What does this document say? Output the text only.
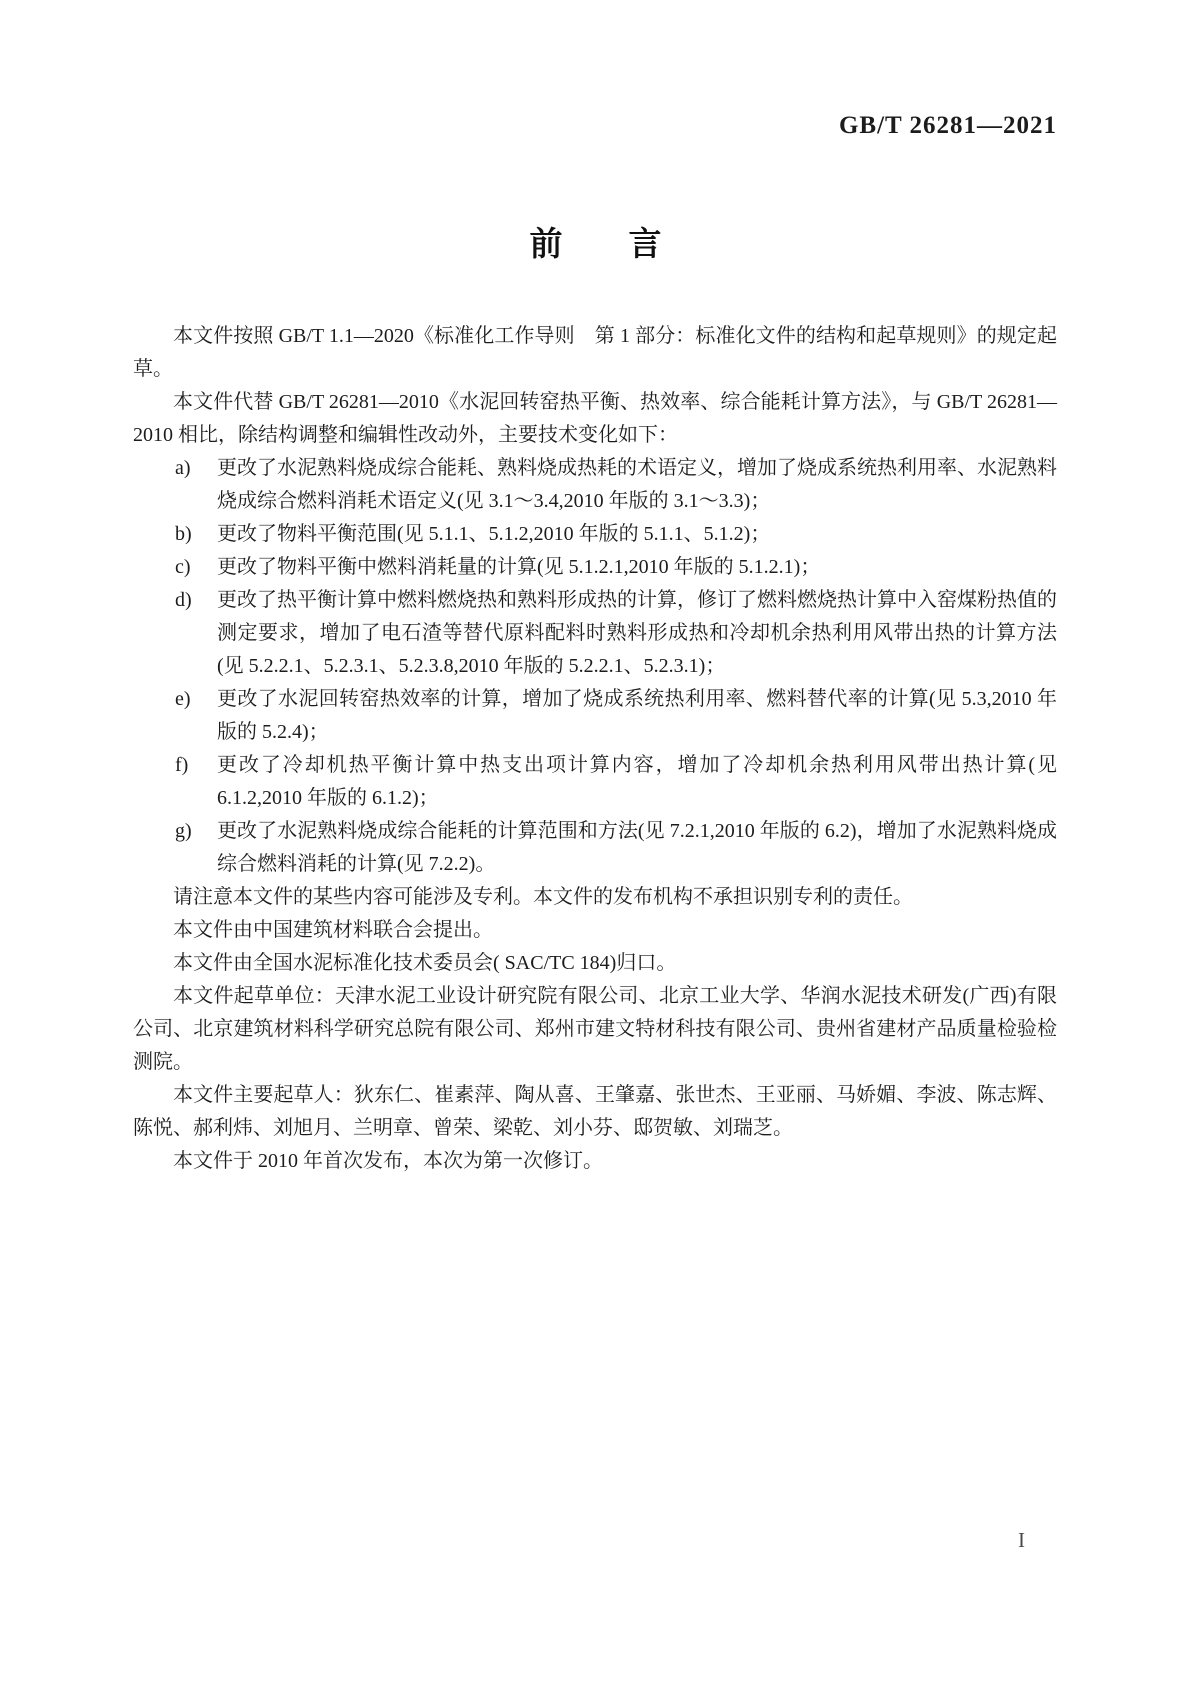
GB/T 26281—2021
前　　言

本文件按照 GB/T 1.1—2020《标准化工作导则　第 1 部分：标准化文件的结构和起草规则》的规定起草。

本文件代替 GB/T 26281—2010《水泥回转窑热平衡、热效率、综合能耗计算方法》，与 GB/T 26281—2010 相比，除结构调整和编辑性改动外，主要技术变化如下：

a) 更改了水泥熟料烧成综合能耗、熟料烧成热耗的术语定义，增加了烧成系统热利用率、水泥熟料烧成综合燃料消耗术语定义(见 3.1～3.4,2010 年版的 3.1～3.3)；
b) 更改了物料平衡范围(见 5.1.1、5.1.2,2010 年版的 5.1.1、5.1.2)；
c) 更改了物料平衡中燃料消耗量的计算(见 5.1.2.1,2010 年版的 5.1.2.1)；
d) 更改了热平衡计算中燃料燃烧热和熟料形成热的计算，修订了燃料燃烧热计算中入窑煤粉热值的测定要求，增加了电石渣等替代原料配料时熟料形成热和冷却机余热利用风带出热的计算方法(见 5.2.2.1、5.2.3.1、5.2.3.8,2010 年版的 5.2.2.1、5.2.3.1)；
e) 更改了水泥回转窑热效率的计算，增加了烧成系统热利用率、燃料替代率的计算(见 5.3,2010 年版的 5.2.4)；
f) 更改了冷却机热平衡计算中热支出项计算内容，增加了冷却机余热利用风带出热计算(见 6.1.2,2010 年版的 6.1.2)；
g) 更改了水泥熟料烧成综合能耗的计算范围和方法(见 7.2.1,2010 年版的 6.2)，增加了水泥熟料烧成综合燃料消耗的计算(见 7.2.2)。

请注意本文件的某些内容可能涉及专利。本文件的发布机构不承担识别专利的责任。

本文件由中国建筑材料联合会提出。

本文件由全国水泥标准化技术委员会( SAC/TC 184)归口。

本文件起草单位：天津水泥工业设计研究院有限公司、北京工业大学、华润水泥技术研发(广西)有限公司、北京建筑材料科学研究总院有限公司、郑州市建文特材科技有限公司、贵州省建材产品质量检验检测院。

本文件主要起草人：狄东仁、崔素萍、陶从喜、王肇嘉、张世杰、王亚丽、马娇媚、李波、陈志辉、陈悦、郝利炜、刘旭月、兰明章、曾荣、梁乾、刘小芬、邸贺敏、刘瑞芝。

本文件于 2010 年首次发布，本次为第一次修订。

I
